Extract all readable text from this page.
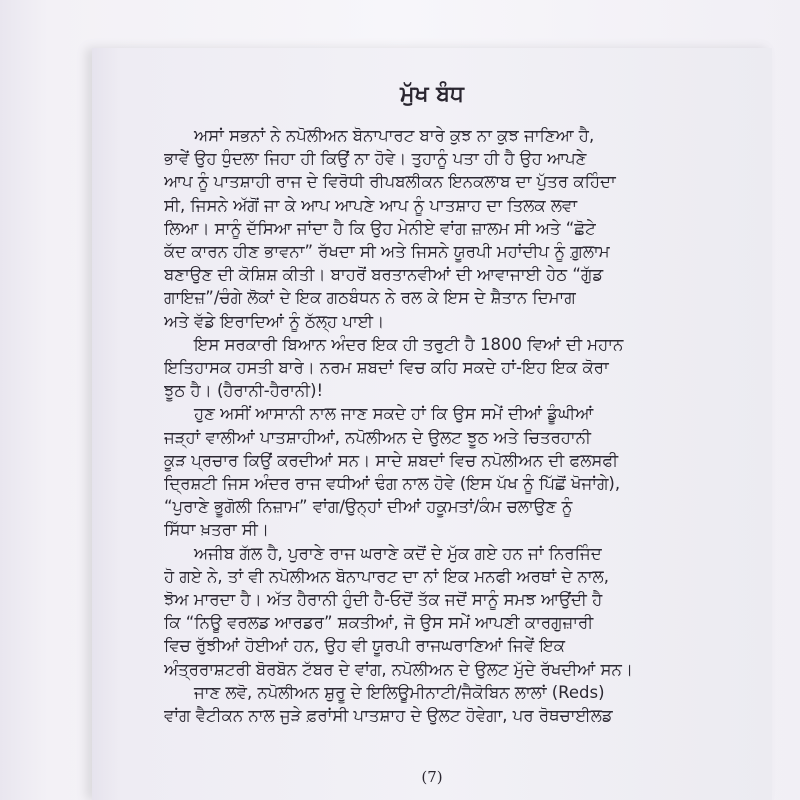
ਮੁੱਖ ਬੰਧ

ਅਸਾਂ ਸਭਨਾਂ ਨੇ ਨਪੋਲੀਅਨ ਬੋਨਾਪਾਰਟ ਬਾਰੇ ਕੁਝ ਨਾ ਕੁਝ ਜਾਣਿਆ ਹੈ,
ਭਾਵੇਂ ਉਹ ਧੁੰਦਲਾ ਜਿਹਾ ਹੀ ਕਿਉਂ ਨਾ ਹੋਵੇ। ਤੁਹਾਨੂੰ ਪਤਾ ਹੀ ਹੈ ਉਹ ਆਪਣੇ
ਆਪ ਨੂੰ ਪਾਤਸ਼ਾਹੀ ਰਾਜ ਦੇ ਵਿਰੋਧੀ ਰੀਪਬਲੀਕਨ ਇਨਕਲਾਬ ਦਾ ਪੁੱਤਰ ਕਹਿੰਦਾ
ਸੀ, ਜਿਸਨੇ ਅੱਗੋਂ ਜਾ ਕੇ ਆਪ ਆਪਣੇ ਆਪ ਨੂੰ ਪਾਤਸ਼ਾਹ ਦਾ ਤਿਲਕ ਲਵਾ
ਲਿਆ। ਸਾਨੂੰ ਦੱਸਿਆ ਜਾਂਦਾ ਹੈ ਕਿ ਉਹ ਮੇਨੀਏ ਵਾਂਗ ਜ਼ਾਲਮ ਸੀ ਅਤੇ “ਛੋਟੇ
ਕੱਦ ਕਾਰਨ ਹੀਣ ਭਾਵਨਾ” ਰੱਖਦਾ ਸੀ ਅਤੇ ਜਿਸਨੇ ਯੂਰਪੀ ਮਹਾਂਦੀਪ ਨੂੰ ਗ਼ੁਲਾਮ
ਬਣਾਉਣ ਦੀ ਕੋਸ਼ਿਸ਼ ਕੀਤੀ। ਬਾਹਰੋਂ ਬਰਤਾਨਵੀਆਂ ਦੀ ਆਵਾਜਾਈ ਹੇਠ “ਗੁੱਡ
ਗਾਇਜ਼”/ਚੰਗੇ ਲੋਕਾਂ ਦੇ ਇਕ ਗਠਬੰਧਨ ਨੇ ਰਲ ਕੇ ਇਸ ਦੇ ਸ਼ੈਤਾਨ ਦਿਮਾਗ
ਅਤੇ ਵੱਡੇ ਇਰਾਦਿਆਂ ਨੂੰ ਠੱਲ੍ਹ ਪਾਈ।

ਇਸ ਸਰਕਾਰੀ ਬਿਆਨ ਅੰਦਰ ਇਕ ਹੀ ਤਰੁਟੀ ਹੈ 1800 ਵਿਆਂ ਦੀ ਮਹਾਨ
ਇਤਿਹਾਸਕ ਹਸਤੀ ਬਾਰੇ। ਨਰਮ ਸ਼ਬਦਾਂ ਵਿਚ ਕਹਿ ਸਕਦੇ ਹਾਂ-ਇਹ ਇਕ ਕੋਰਾ
ਝੂਠ ਹੈ। (ਹੈਰਾਨੀ-ਹੈਰਾਨੀ)!

ਹੁਣ ਅਸੀਂ ਆਸਾਨੀ ਨਾਲ ਜਾਣ ਸਕਦੇ ਹਾਂ ਕਿ ਉਸ ਸਮੇਂ ਦੀਆਂ ਡੂੰਘੀਆਂ
ਜੜ੍ਹਾਂ ਵਾਲੀਆਂ ਪਾਤਸ਼ਾਹੀਆਂ, ਨਪੋਲੀਅਨ ਦੇ ਉਲਟ ਝੂਠ ਅਤੇ ਚਿਤਰਹਾਨੀ
ਕੂੜ ਪ੍ਰਚਾਰ ਕਿਉਂ ਕਰਦੀਆਂ ਸਨ। ਸਾਦੇ ਸ਼ਬਦਾਂ ਵਿਚ ਨਪੋਲੀਅਨ ਦੀ ਫਲਸਫੀ
ਦ੍ਰਿਸ਼ਟੀ ਜਿਸ ਅੰਦਰ ਰਾਜ ਵਧੀਆਂ ਢੰਗ ਨਾਲ ਹੋਵੇ (ਇਸ ਪੱਖ ਨੂੰ ਪਿੱਛੋਂ ਖੋਜਾਂਗੇ),
“ਪੁਰਾਣੇ ਭੂਗੋਲੀ ਨਿਜ਼ਾਮ” ਵਾਂਗ/ਉਨ੍ਹਾਂ ਦੀਆਂ ਹਕੂਮਤਾਂ/ਕੰਮ ਚਲਾਉਣ ਨੂੰ
ਸਿੱਧਾ ਖ਼ਤਰਾ ਸੀ।

ਅਜੀਬ ਗੱਲ ਹੈ, ਪੁਰਾਣੇ ਰਾਜ ਘਰਾਣੇ ਕਦੋਂ ਦੇ ਮੁੱਕ ਗਏ ਹਨ ਜਾਂ ਨਿਰਜਿੰਦ
ਹੋ ਗਏ ਨੇ, ਤਾਂ ਵੀ ਨਪੋਲੀਅਨ ਬੋਨਾਪਾਰਟ ਦਾ ਨਾਂ ਇਕ ਮਨਫੀ ਅਰਥਾਂ ਦੇ ਨਾਲ,
ਝੋਅ ਮਾਰਦਾ ਹੈ। ਅੱਤ ਹੈਰਾਨੀ ਹੁੰਦੀ ਹੈ-ਓਦੋਂ ਤੱਕ ਜਦੋਂ ਸਾਨੂੰ ਸਮਝ ਆਉਂਦੀ ਹੈ
ਕਿ “ਨਿਊ ਵਰਲਡ ਆਰਡਰ” ਸ਼ਕਤੀਆਂ, ਜੋ ਉਸ ਸਮੇਂ ਆਪਣੀ ਕਾਰਗੁਜ਼ਾਰੀ
ਵਿਚ ਰੁੱਝੀਆਂ ਹੋਈਆਂ ਹਨ, ਉਹ ਵੀ ਯੂਰਪੀ ਰਾਜਘਰਾਣਿਆਂ ਜਿਵੇਂ ਇਕ
ਅੰਤ੍ਰਰਾਸ਼ਟਰੀ ਬੋਰਬੋਨ ਟੱਬਰ ਦੇ ਵਾਂਗ, ਨਪੋਲੀਅਨ ਦੇ ਉਲਟ ਮੁੱਦੇ ਰੱਖਦੀਆਂ ਸਨ।

ਜਾਣ ਲਵੋ, ਨਪੋਲੀਅਨ ਸ਼ੁਰੂ ਦੇ ਇਲਿਊਮੀਨਾਟੀ/ਜੈਕੋਬਿਨ ਲਾਲਾਂ (Reds)
ਵਾਂਗ ਵੈਟੀਕਨ ਨਾਲ ਜੁੜੇ ਫ਼ਰਾਂਸੀ ਪਾਤਸ਼ਾਹ ਦੇ ਉਲਟ ਹੋਵੇਗਾ, ਪਰ ਰੋਥਚਾਈਲਡ

(7)
